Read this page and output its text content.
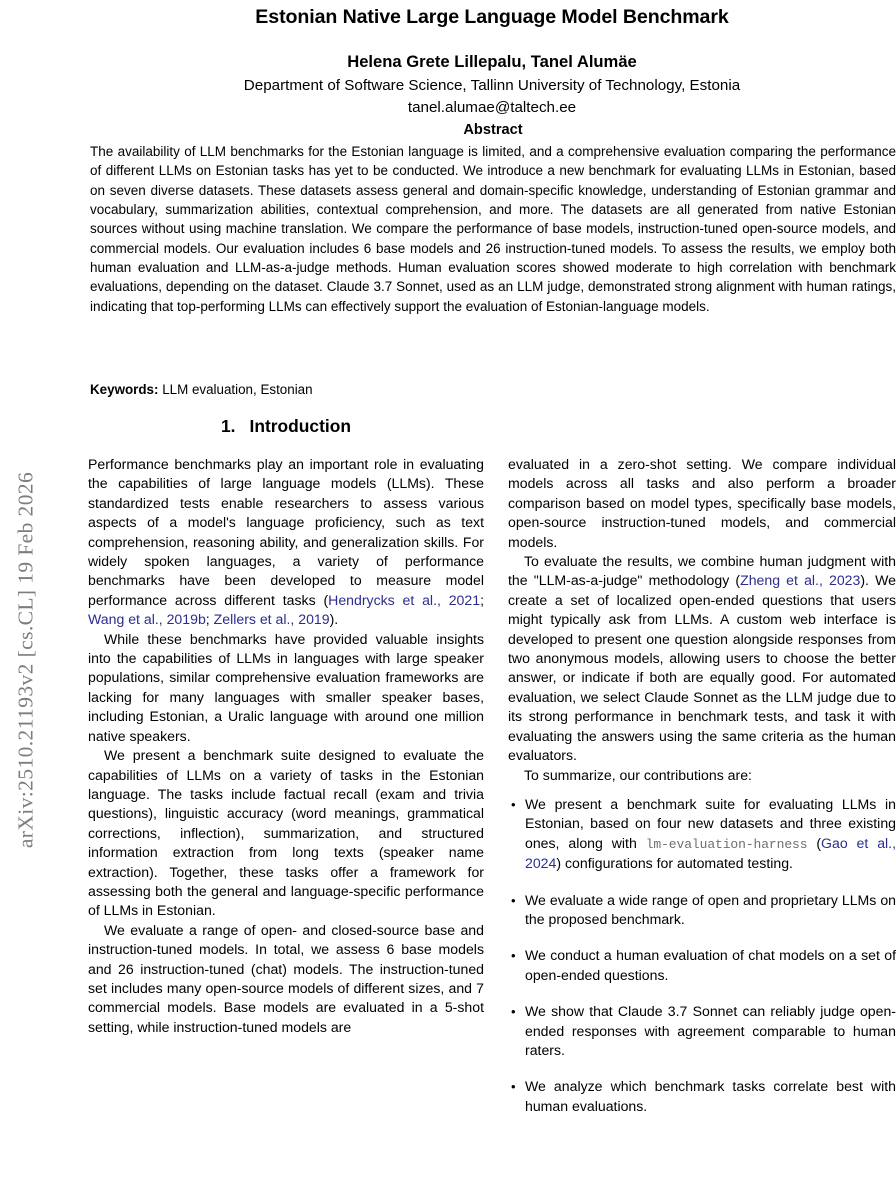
arXiv:2510.21193v2 [cs.CL] 19 Feb 2026
Estonian Native Large Language Model Benchmark
Helena Grete Lillepalu, Tanel Alumäe
Department of Software Science, Tallinn University of Technology, Estonia
tanel.alumae@taltech.ee
Abstract

The availability of LLM benchmarks for the Estonian language is limited, and a comprehensive evaluation comparing the performance of different LLMs on Estonian tasks has yet to be conducted. We introduce a new benchmark for evaluating LLMs in Estonian, based on seven diverse datasets. These datasets assess general and domain-specific knowledge, understanding of Estonian grammar and vocabulary, summarization abilities, contextual comprehension, and more. The datasets are all generated from native Estonian sources without using machine translation. We compare the performance of base models, instruction-tuned open-source models, and commercial models. Our evaluation includes 6 base models and 26 instruction-tuned models. To assess the results, we employ both human evaluation and LLM-as-a-judge methods. Human evaluation scores showed moderate to high correlation with benchmark evaluations, depending on the dataset. Claude 3.7 Sonnet, used as an LLM judge, demonstrated strong alignment with human ratings, indicating that top-performing LLMs can effectively support the evaluation of Estonian-language models.

Keywords: LLM evaluation, Estonian
1. Introduction

Performance benchmarks play an important role in evaluating the capabilities of large language models (LLMs). These standardized tests enable researchers to assess various aspects of a model's language proficiency, such as text comprehension, reasoning ability, and generalization skills. For widely spoken languages, a variety of performance benchmarks have been developed to measure model performance across different tasks (Hendrycks et al., 2021; Wang et al., 2019b; Zellers et al., 2019).

While these benchmarks have provided valuable insights into the capabilities of LLMs in languages with large speaker populations, similar comprehensive evaluation frameworks are lacking for many languages with smaller speaker bases, including Estonian, a Uralic language with around one million native speakers.

We present a benchmark suite designed to evaluate the capabilities of LLMs on a variety of tasks in the Estonian language. The tasks include factual recall (exam and trivia questions), linguistic accuracy (word meanings, grammatical corrections, inflection), summarization, and structured information extraction from long texts (speaker name extraction). Together, these tasks offer a framework for assessing both the general and language-specific performance of LLMs in Estonian.

We evaluate a range of open- and closed-source base and instruction-tuned models. In total, we assess 6 base models and 26 instruction-tuned (chat) models. The instruction-tuned set includes many open-source models of different sizes, and 7 commercial models. Base models are evaluated in a 5-shot setting, while instruction-tuned models are

evaluated in a zero-shot setting. We compare individual models across all tasks and also perform a broader comparison based on model types, specifically base models, open-source instruction-tuned models, and commercial models.

To evaluate the results, we combine human judgment with the "LLM-as-a-judge" methodology (Zheng et al., 2023). We create a set of localized open-ended questions that users might typically ask from LLMs. A custom web interface is developed to present one question alongside responses from two anonymous models, allowing users to choose the better answer, or indicate if both are equally good. For automated evaluation, we select Claude Sonnet as the LLM judge due to its strong performance in benchmark tests, and task it with evaluating the answers using the same criteria as the human evaluators.

To summarize, our contributions are:

• We present a benchmark suite for evaluating LLMs in Estonian, based on four new datasets and three existing ones, along with lm-evaluation-harness (Gao et al., 2024) configurations for automated testing.
• We evaluate a wide range of open and proprietary LLMs on the proposed benchmark.
• We conduct a human evaluation of chat models on a set of open-ended questions.
• We show that Claude 3.7 Sonnet can reliably judge open-ended responses with agreement comparable to human raters.
• We analyze which benchmark tasks correlate best with human evaluations.
